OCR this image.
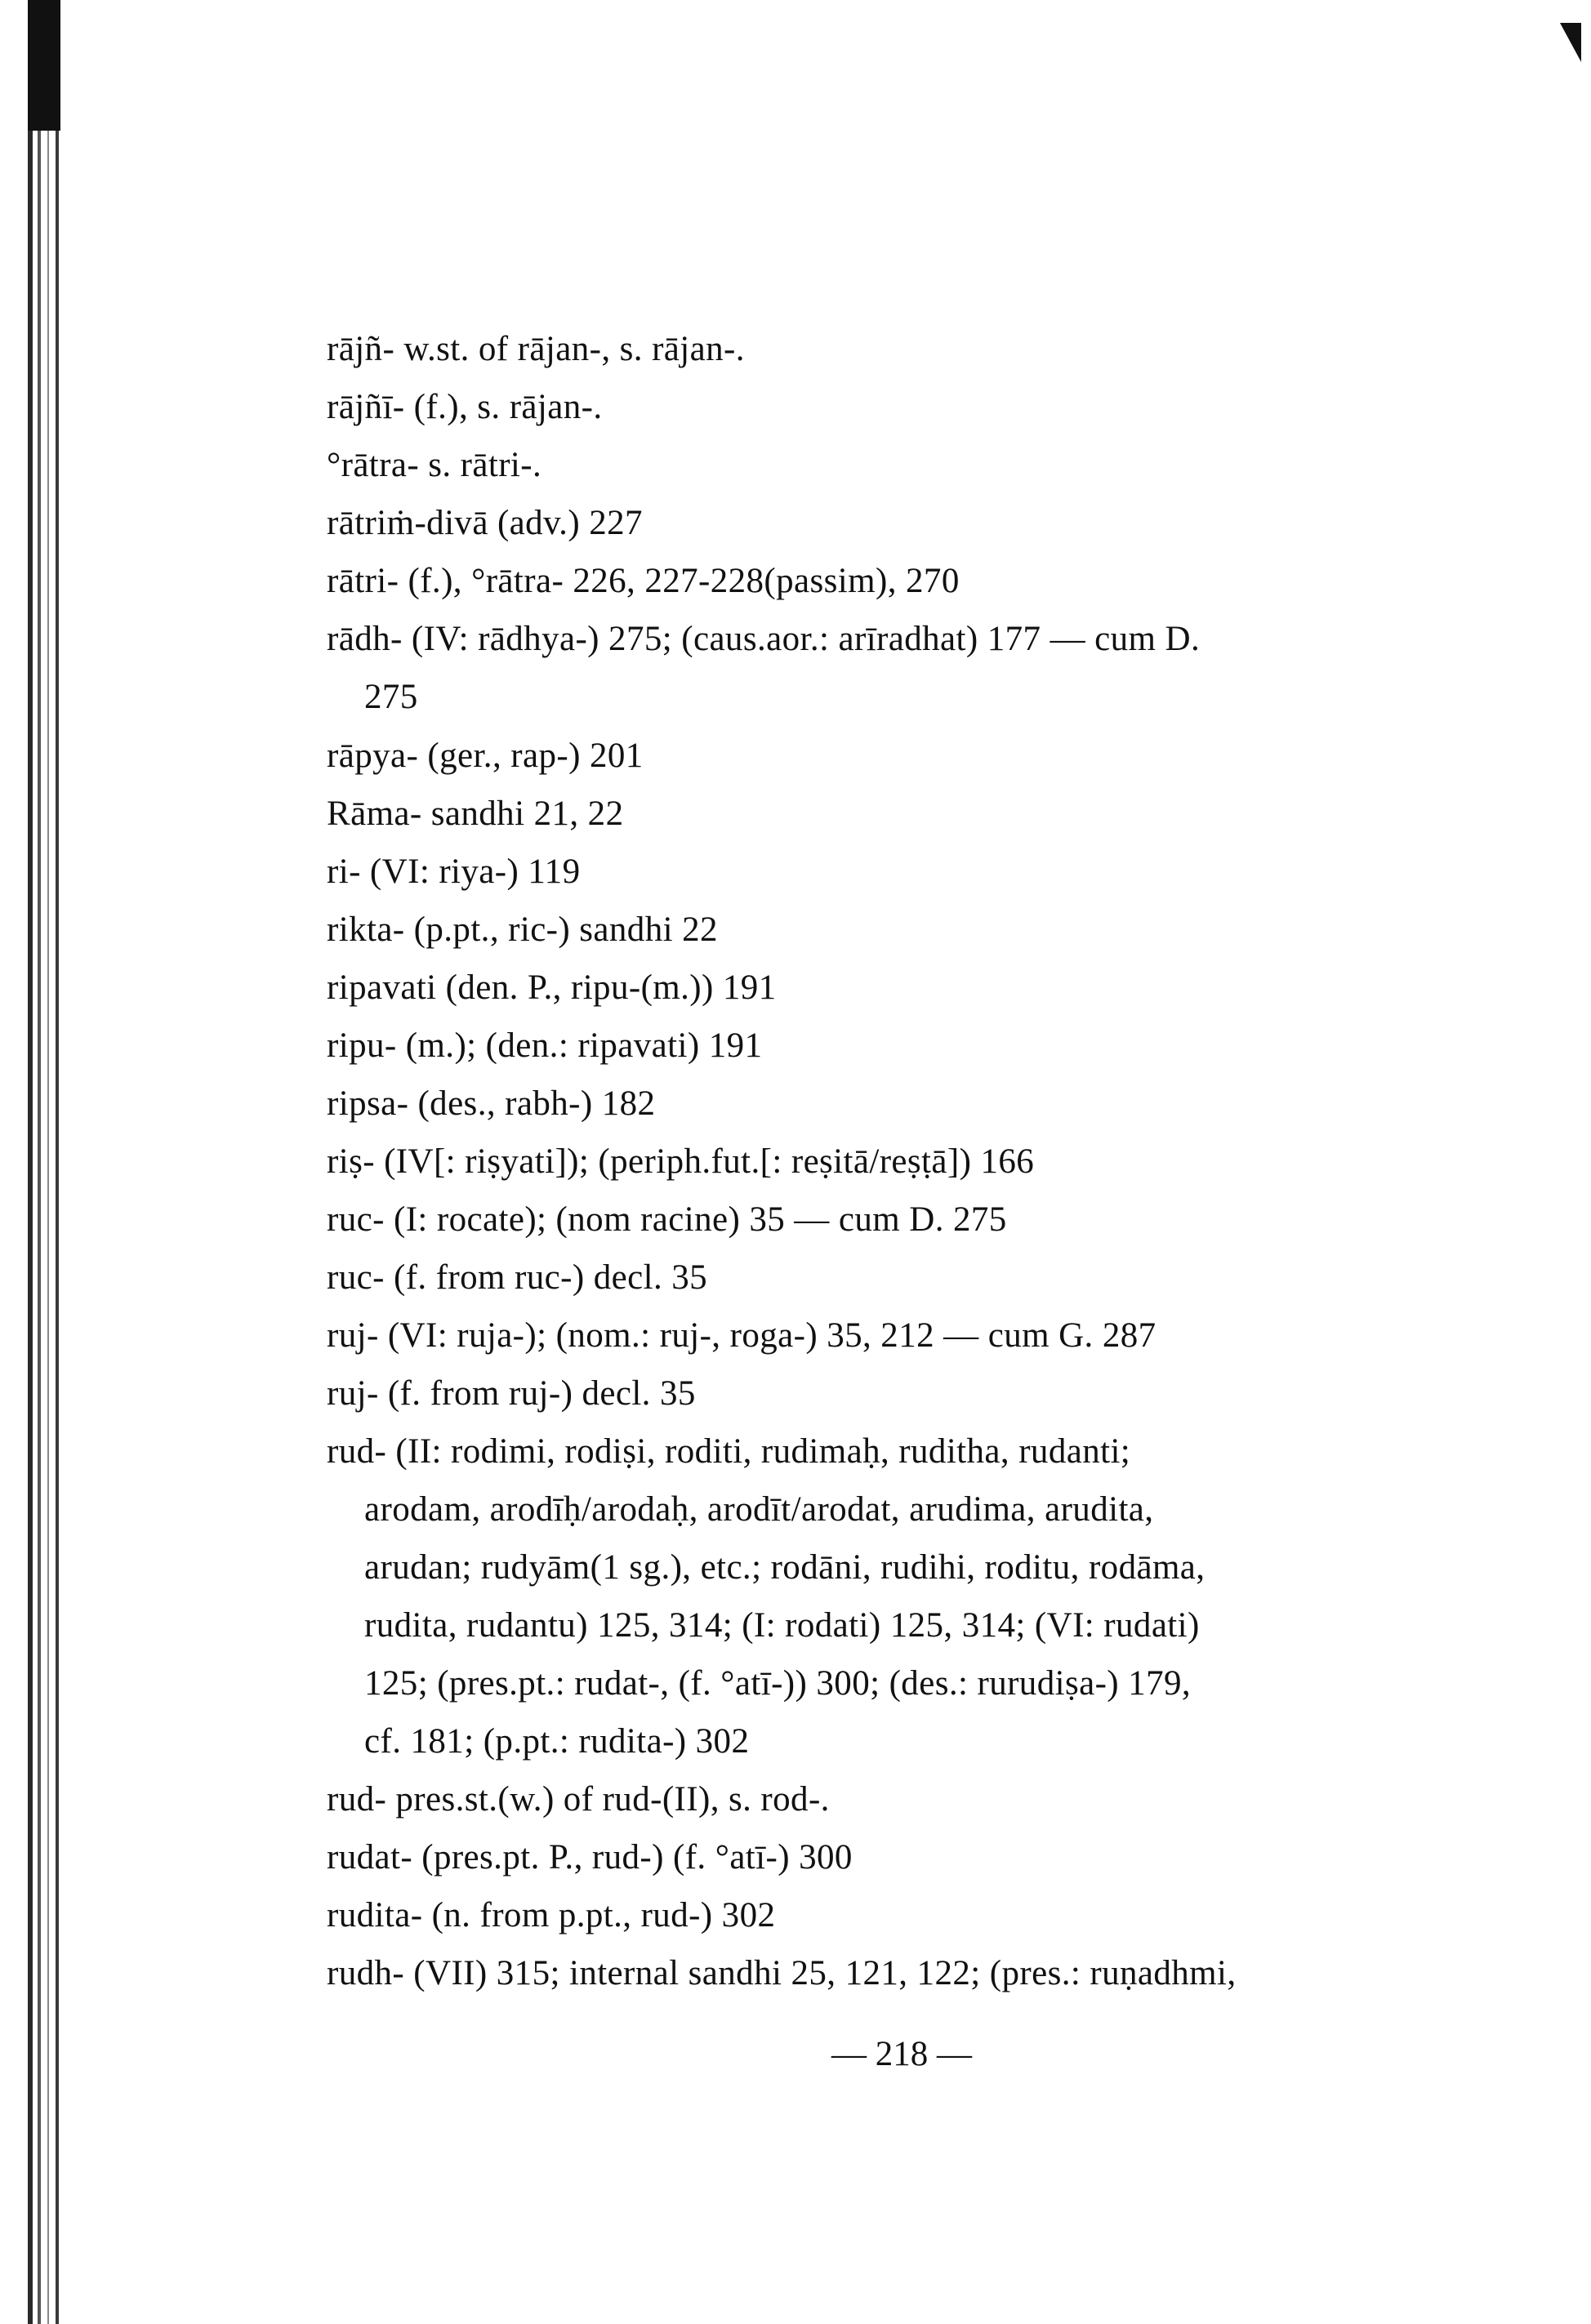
rājñ- w.st. of rājan-, s. rājan-.
rājñī- (f.), s. rājan-.
°rātra- s. rātri-.
rātriṁ-divā (adv.) 227
rātri- (f.), °rātra- 226, 227-228(passim), 270
rādh- (IV: rādhya-) 275; (caus.aor.: arīradhat) 177 — cum D.
275
rāpya- (ger., rap-) 201
Rāma- sandhi 21, 22
ri- (VI: riya-) 119
rikta- (p.pt., ric-) sandhi 22
ripavati (den. P., ripu-(m.)) 191
ripu- (m.); (den.: ripavati) 191
ripsa- (des., rabh-) 182
riṣ- (IV[: riṣyati]); (periph.fut.[: reṣitā/reṣṭā]) 166
ruc- (I: rocate); (nom racine) 35 — cum D. 275
ruc- (f. from ruc-) decl. 35
ruj- (VI: ruja-); (nom.: ruj-, roga-) 35, 212 — cum G. 287
ruj- (f. from ruj-) decl. 35
rud- (II: rodimi, rodiṣi, roditi, rudimaḥ, ruditha, rudanti;
arodam, arodīḥ/arodaḥ, arodīt/arodat, arudima, arudita,
arudan; rudyām(1 sg.), etc.; rodāni, rudihi, roditu, rodāma,
rudita, rudantu) 125, 314; (I: rodati) 125, 314; (VI: rudati)
125; (pres.pt.: rudat-, (f. °atī-)) 300; (des.: rurudiṣa-) 179,
cf. 181; (p.pt.: rudita-) 302
rud- pres.st.(w.) of rud-(II), s. rod-.
rudat- (pres.pt. P., rud-) (f. °atī-) 300
rudita- (n. from p.pt., rud-) 302
rudh- (VII) 315; internal sandhi 25, 121, 122; (pres.: ruṇadhmi,
— 218 —
